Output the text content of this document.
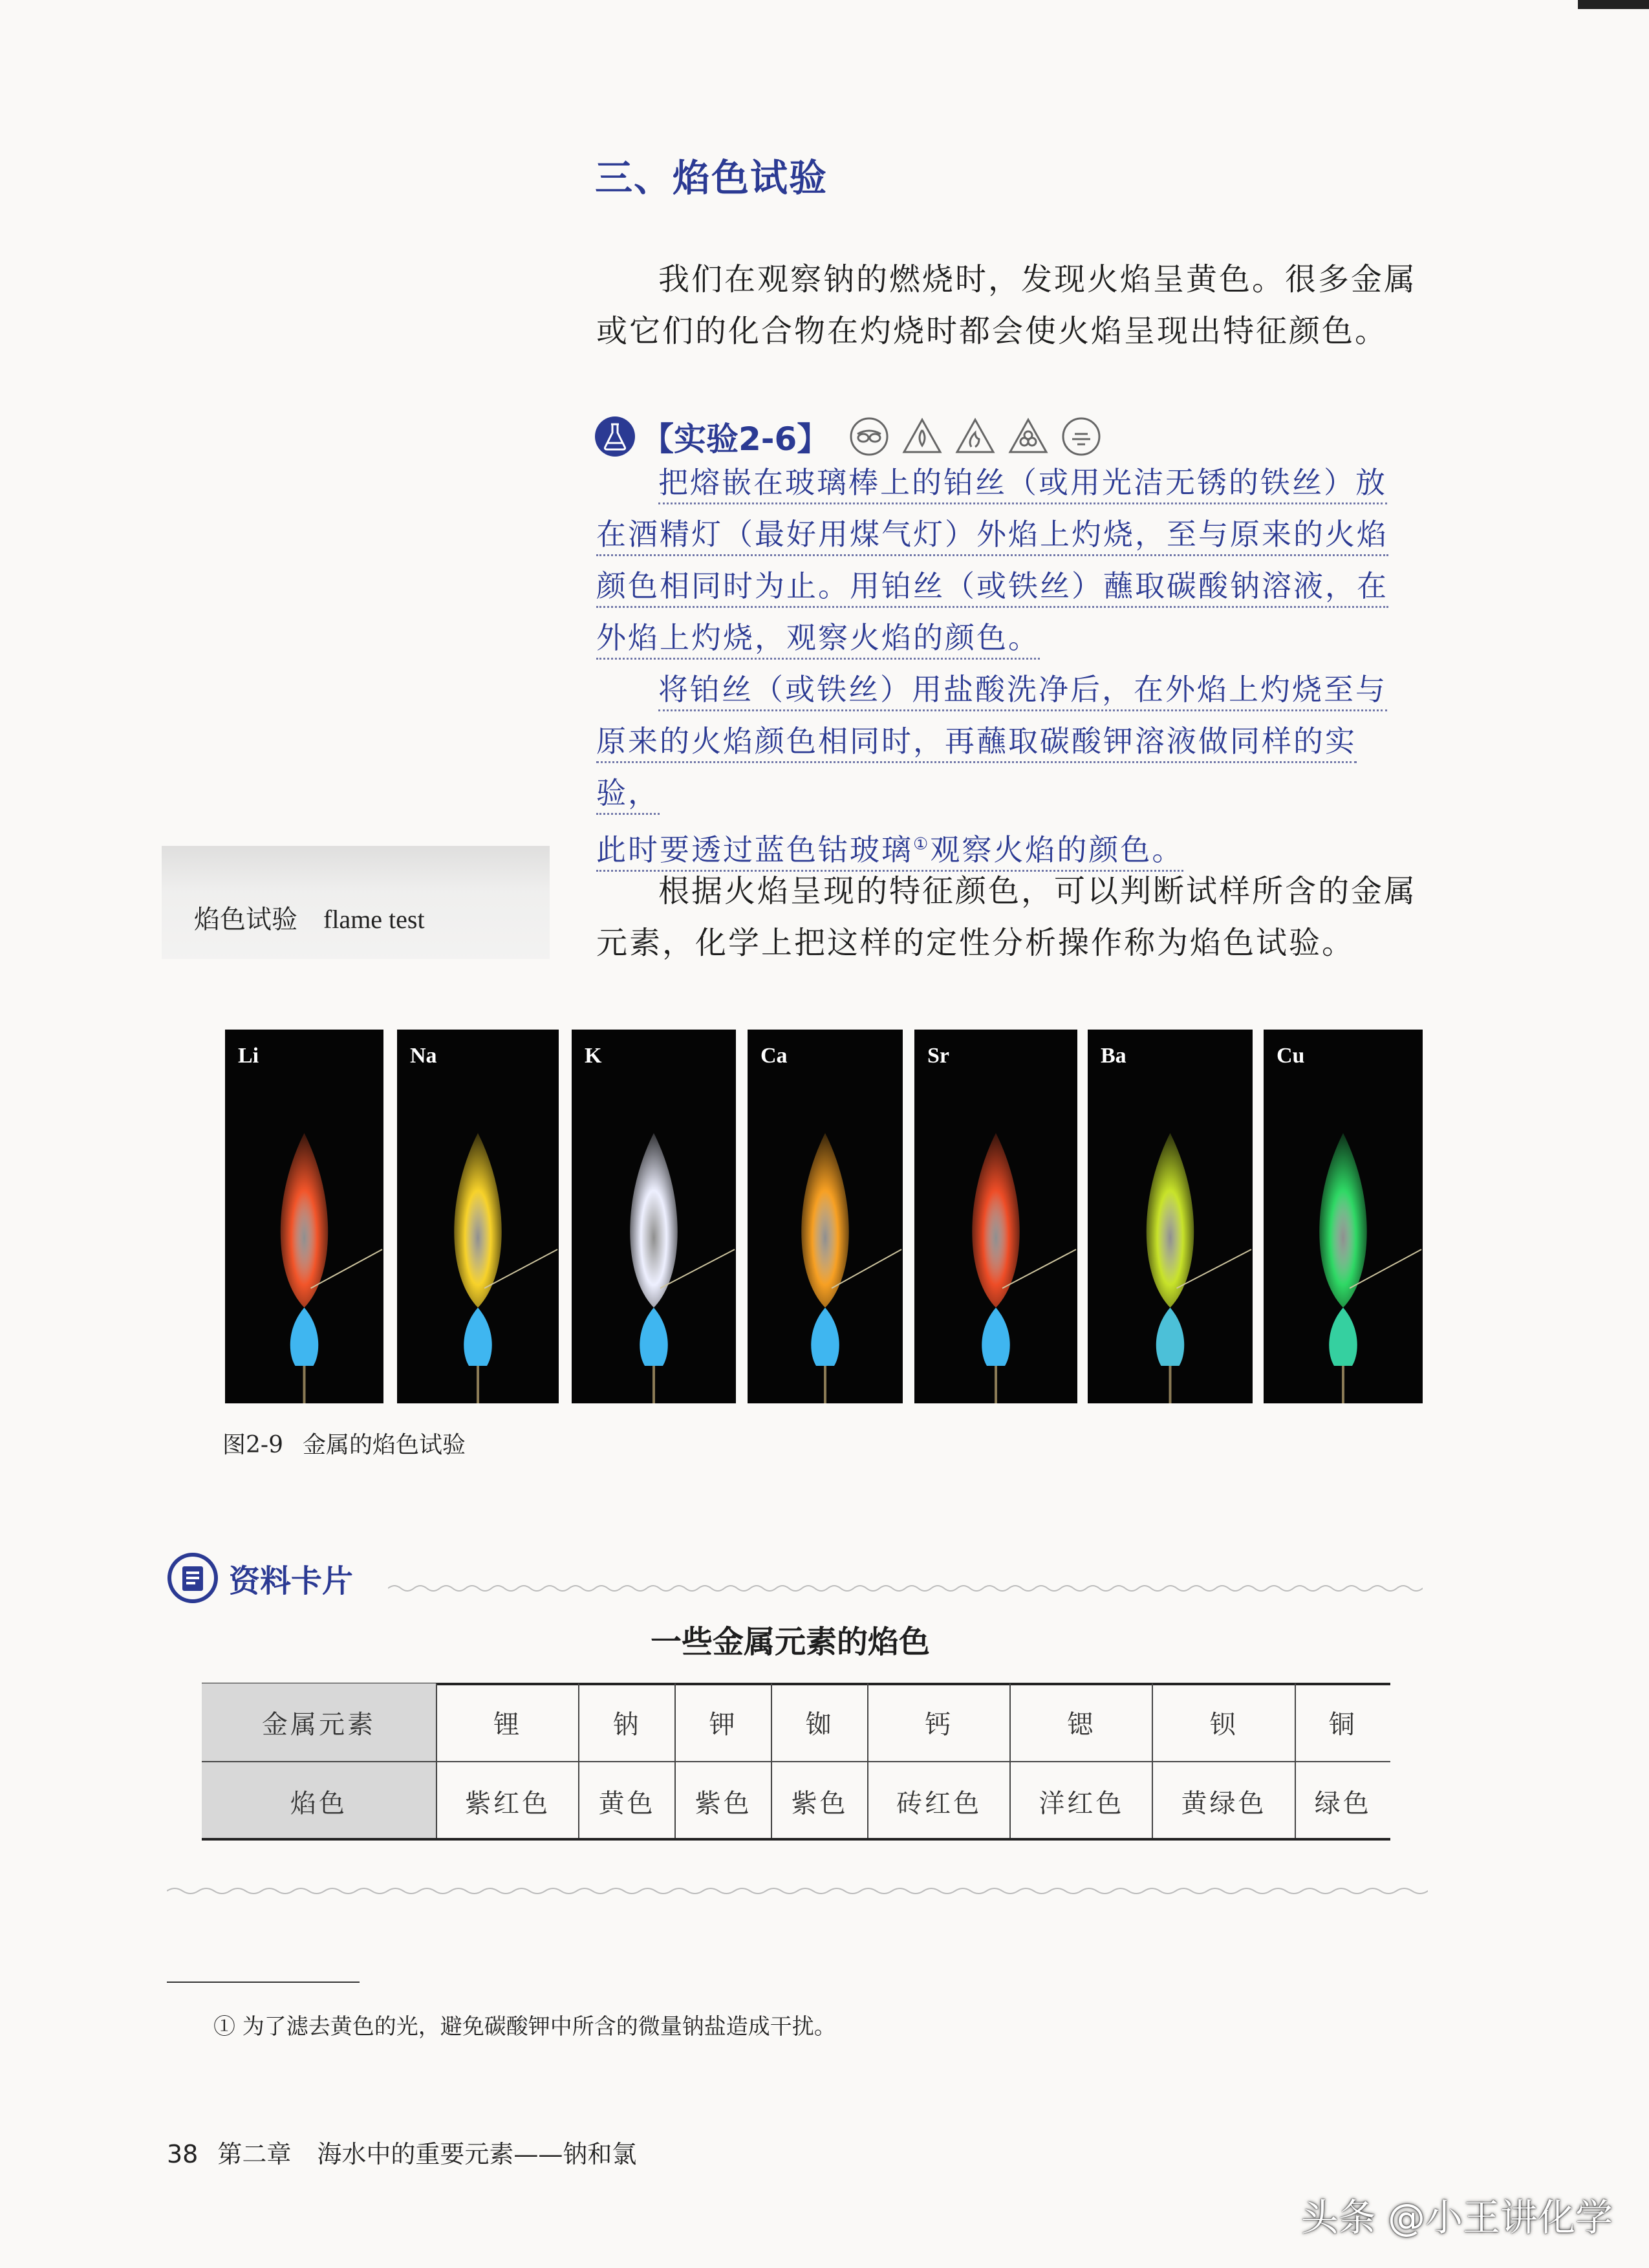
三、焰色试验
我们在观察钠的燃烧时，发现火焰呈黄色。很多金属
或它们的化合物在灼烧时都会使火焰呈现出特征颜色。
【实验2-6】
把熔嵌在玻璃棒上的铂丝（或用光洁无锈的铁丝）放
在酒精灯（最好用煤气灯）外焰上灼烧，至与原来的火焰
颜色相同时为止。用铂丝（或铁丝）蘸取碳酸钠溶液，在
外焰上灼烧，观察火焰的颜色。
将铂丝（或铁丝）用盐酸洗净后，在外焰上灼烧至与
原来的火焰颜色相同时，再蘸取碳酸钾溶液做同样的实验，
此时要透过蓝色钴玻璃①观察火焰的颜色。
焰色试验 flame test
根据火焰呈现的特征颜色，可以判断试样所含的金属
元素，化学上把这样的定性分析操作称为焰色试验。
Li	Na	K	Ca	Sr	Ba	Cu
图2-9 金属的焰色试验
资料卡片
一些金属元素的焰色
金属元素	锂	钠	钾	铷	钙	锶	钡	铜
焰色	紫红色	黄色	紫色	紫色	砖红色	洋红色	黄绿色	绿色
① 为了滤去黄色的光，避免碳酸钾中所含的微量钠盐造成干扰。
38 第二章 海水中的重要元素——钠和氯
头条 @小王讲化学
